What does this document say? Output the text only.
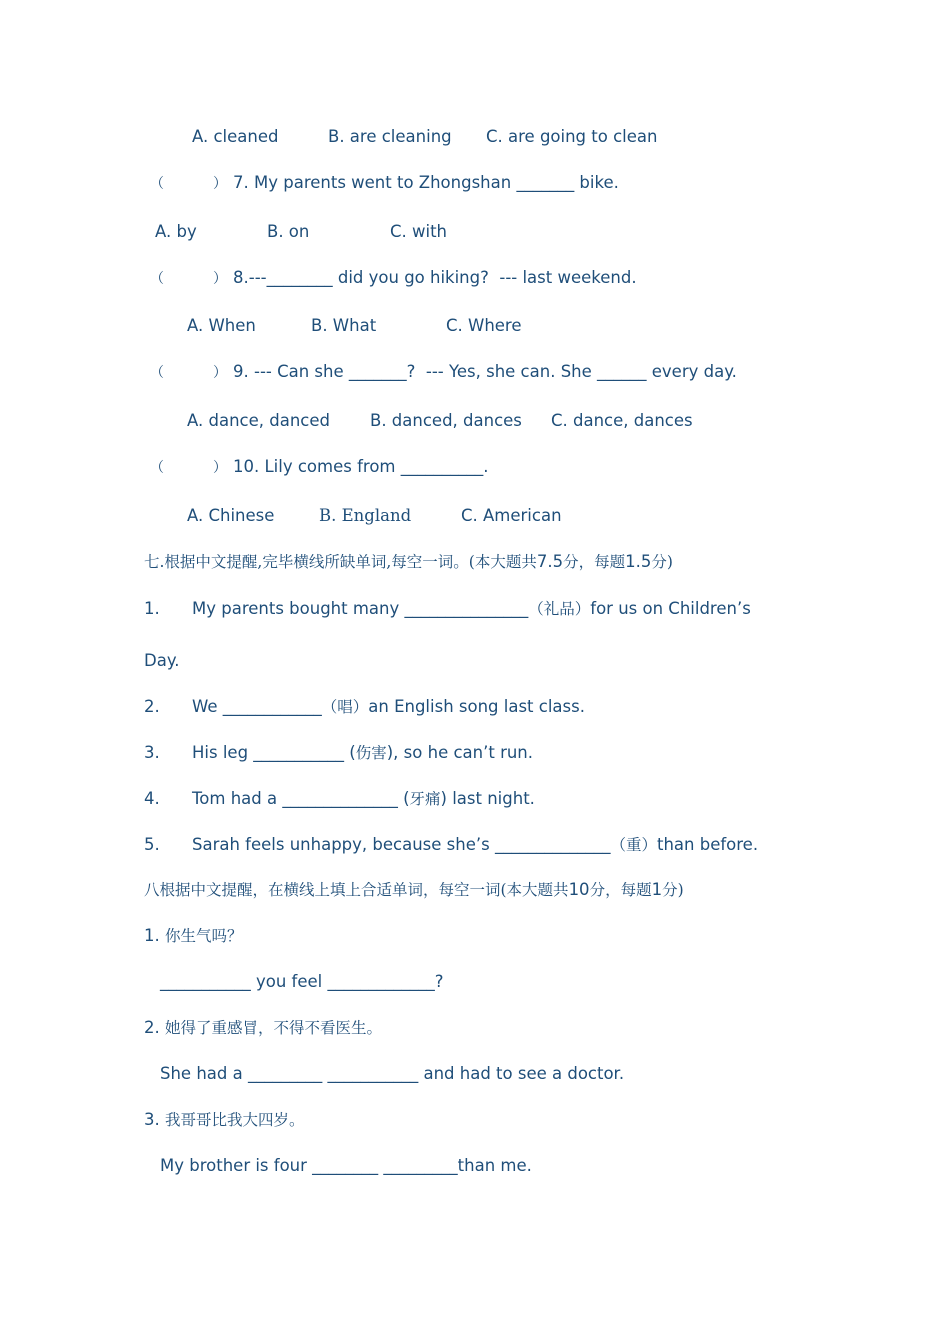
A. cleaned	B. are cleaning C. are going to clean
（	） 7. My parents went to Zhongshan _______ bike.
A. by	B. on	C. with
（	） 8.---________ did you go hiking?  --- last weekend.
A. When	B. What	C. Where
（	） 9. --- Can she _______?  --- Yes, she can. She ______ every day.
A. dance, danced B. danced, dances C. dance, dances
（	） 10. Lily comes from __________.
A. Chinese	B. England	C. American
七.根据中文提醒,完毕横线所缺单词,每空一词。(本大题共7.5分，每题1.5分)
1. My parents bought many _______________（礼品）for us on Children’s
Day.
2. We ____________（唱）an English song last class.
3. His leg ___________ (伤害), so he can’t run.
4. Tom had a ______________ (牙痛) last night.
5. Sarah feels unhappy, because she’s ______________（重）than before.
八根据中文提醒，在横线上填上合适单词，每空一词(本大题共10分，每题1分)
1. 你生气吗？
___________ you feel _____________?
2. 她得了重感冒，不得不看医生。
She had a _________ ___________ and had to see a doctor.
3. 我哥哥比我大四岁。
My brother is four ________ _________than me.
